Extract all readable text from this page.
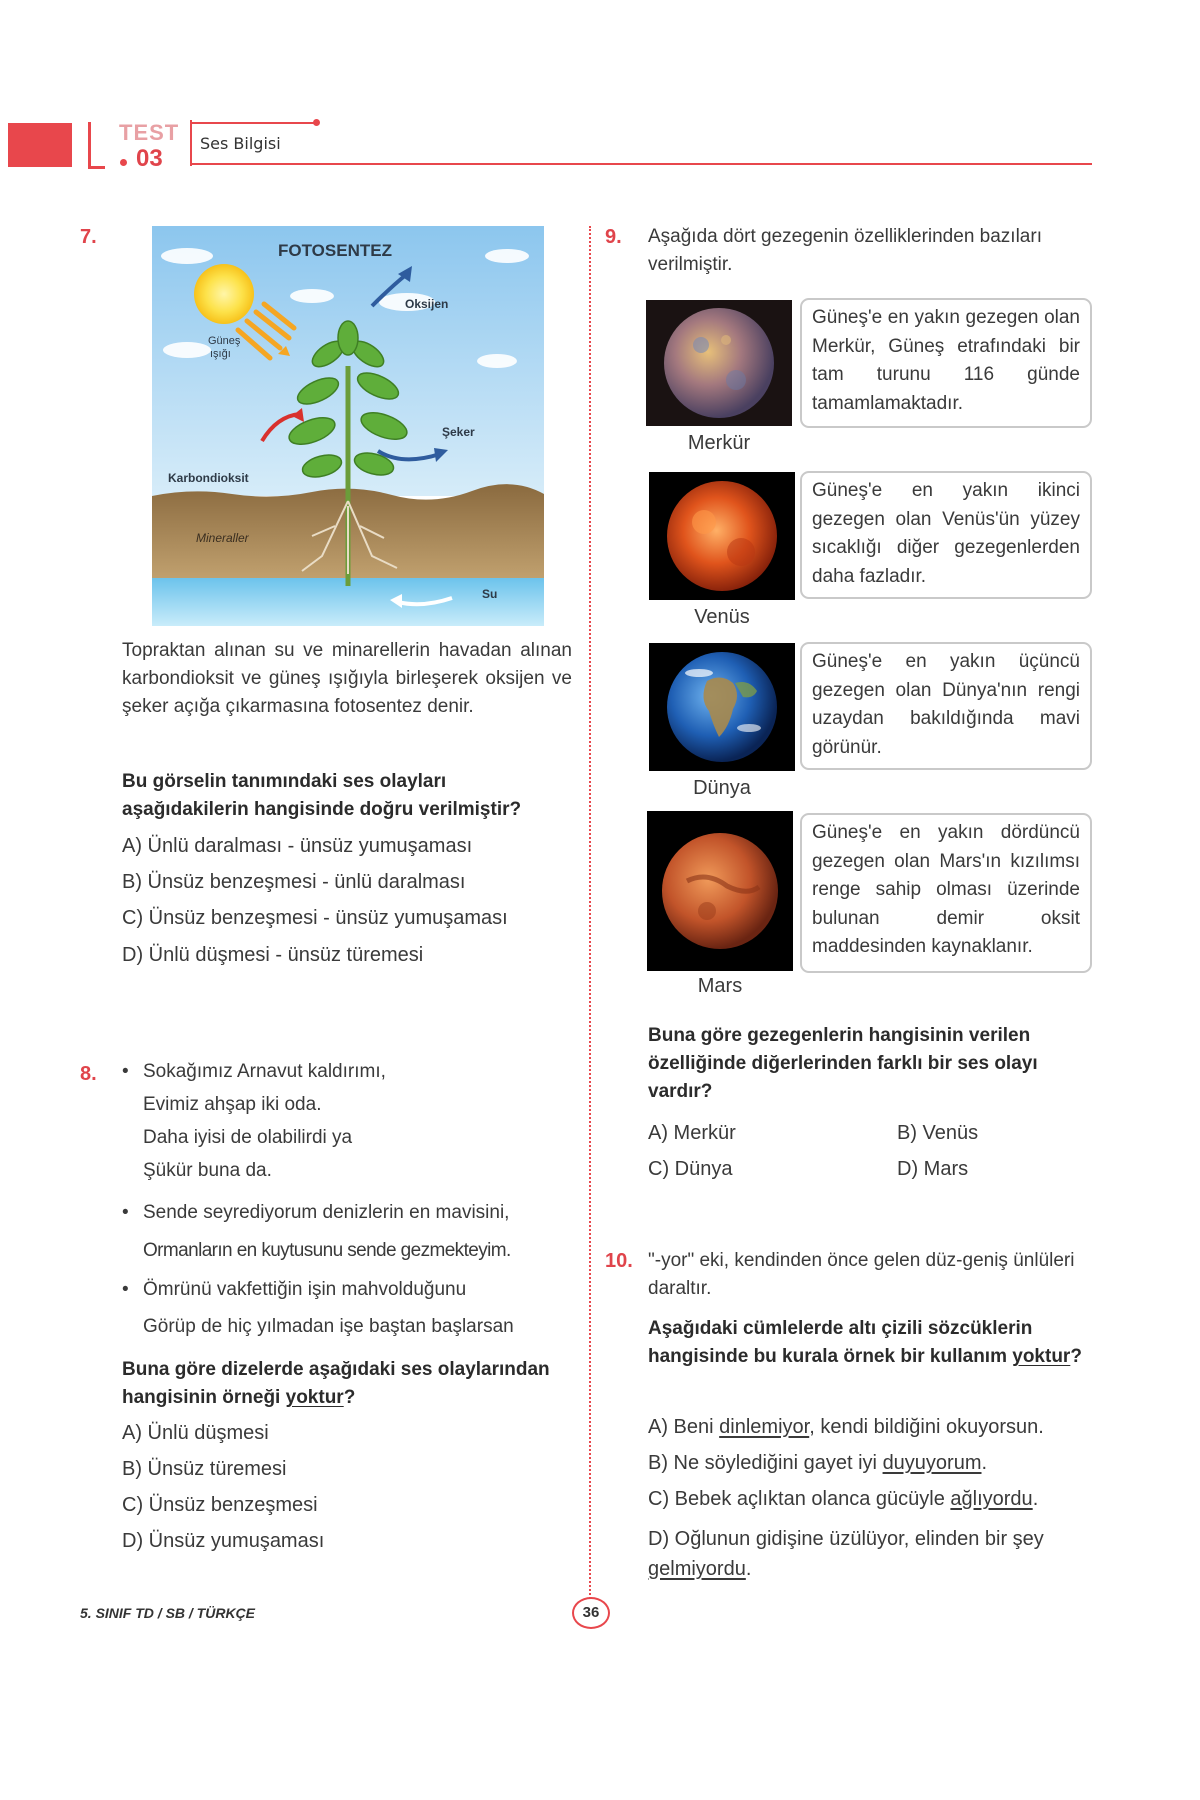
TEST
03
Ses Bilgisi
7.
FOTOSENTEZ
Güneş ışığı
Oksijen
Şeker
Karbondioksit
Mineraller
Su
Topraktan alınan su ve minarellerin havadan alınan karbondioksit ve güneş ışığıyla birleşerek oksijen ve şeker açığa çıkarmasına fotosentez denir.
Bu görselin tanımındaki ses olayları aşağıdakilerin hangisinde doğru verilmiştir?
A) Ünlü daralması - ünsüz yumuşaması
B) Ünsüz benzeşmesi - ünlü daralması
C) Ünsüz benzeşmesi - ünsüz yumuşaması
D) Ünlü düşmesi - ünsüz türemesi
8. • Sokağımız Arnavut kaldırımı,
Evimiz ahşap iki oda.
Daha iyisi de olabilirdi ya
Şükür buna da.
• Sende seyrediyorum denizlerin en mavisini,
Ormanların en kuytusunu sende gezmekteyim.
• Ömrünü vakfettiğin işin mahvolduğunu
Görüp de hiç yılmadan işe baştan başlarsan
Buna göre dizelerde aşağıdaki ses olaylarından hangisinin örneği yoktur?
A) Ünlü düşmesi
B) Ünsüz türemesi
C) Ünsüz benzeşmesi
D) Ünsüz yumuşaması
9. Aşağıda dört gezegenin özelliklerinden bazıları verilmiştir.
Merkür
Güneş'e en yakın gezegen olan Merkür, Güneş etrafındaki bir tam turunu 116 günde tamamlamaktadır.
Venüs
Güneş'e en yakın ikinci gezegen olan Venüs'ün yüzey sıcaklığı diğer gezegenlerden daha fazladır.
Dünya
Güneş'e en yakın üçüncü gezegen olan Dünya'nın rengi uzaydan bakıldığında mavi görünür.
Mars
Güneş'e en yakın dördüncü gezegen olan Mars'ın kızılımsı renge sahip olması üzerinde bulunan demir oksit maddesinden kaynaklanır.
Buna göre gezegenlerin hangisinin verilen özelliğinde diğerlerinden farklı bir ses olayı vardır?
A) Merkür	B) Venüs
C) Dünya	D) Mars
10. "-yor" eki, kendinden önce gelen düz-geniş ünlüleri daraltır.
Aşağıdaki cümlelerde altı çizili sözcüklerin hangisinde bu kurala örnek bir kullanım yoktur?
A) Beni dinlemiyor, kendi bildiğini okuyorsun.
B) Ne söylediğini gayet iyi duyuyorum.
C) Bebek açlıktan olanca gücüyle ağlıyordu.
D) Oğlunun gidişine üzülüyor, elinden bir şey gelmiyordu.
5. SINIF TD / SB / TÜRKÇE	36
